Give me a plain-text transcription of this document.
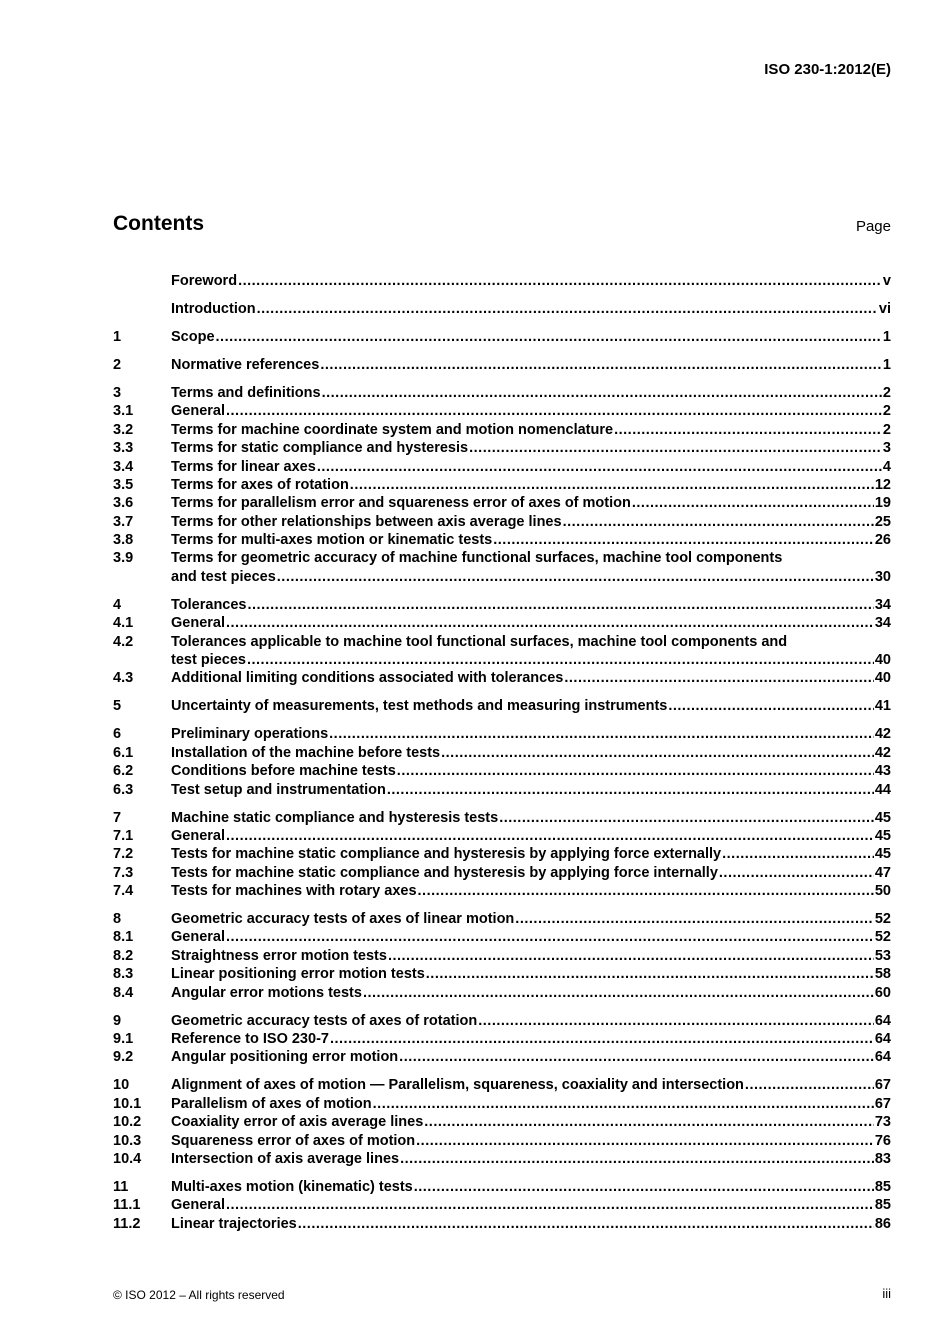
ISO 230-1:2012(E)
Contents	Page
Foreword .....	v
Introduction .....	vi
1	Scope .....	1
2	Normative references .....	1
3	Terms and definitions .....	2
3.1	General .....	2
3.2	Terms for machine coordinate system and motion nomenclature .....	2
3.3	Terms for static compliance and hysteresis .....	3
3.4	Terms for linear axes .....	4
3.5	Terms for axes of rotation .....	12
3.6	Terms for parallelism error and squareness error of axes of motion .....	19
3.7	Terms for other relationships between axis average lines .....	25
3.8	Terms for multi-axes motion or kinematic tests .....	26
3.9	Terms for geometric accuracy of machine functional surfaces, machine tool components
and test pieces .....	30
4	Tolerances .....	34
4.1	General .....	34
4.2	Tolerances applicable to machine tool functional surfaces, machine tool components and
test pieces .....	40
4.3	Additional limiting conditions associated with tolerances .....	40
5	Uncertainty of measurements, test methods and measuring instruments .....	41
6	Preliminary operations .....	42
6.1	Installation of the machine before tests .....	42
6.2	Conditions before machine tests .....	43
6.3	Test setup and instrumentation .....	44
7	Machine static compliance and hysteresis tests .....	45
7.1	General .....	45
7.2	Tests for machine static compliance and hysteresis by applying force externally .....	45
7.3	Tests for machine static compliance and hysteresis by applying force internally .....	47
7.4	Tests for machines with rotary axes .....	50
8	Geometric accuracy tests of axes of linear motion .....	52
8.1	General .....	52
8.2	Straightness error motion tests .....	53
8.3	Linear positioning error motion tests .....	58
8.4	Angular error motions tests .....	60
9	Geometric accuracy tests of axes of rotation .....	64
9.1	Reference to ISO 230-7 .....	64
9.2	Angular positioning error motion .....	64
10	Alignment of axes of motion — Parallelism, squareness, coaxiality and intersection .....	67
10.1	Parallelism of axes of motion .....	67
10.2	Coaxiality error of axis average lines .....	73
10.3	Squareness error of axes of motion .....	76
10.4	Intersection of axis average lines .....	83
11	Multi-axes motion (kinematic) tests .....	85
11.1	General .....	85
11.2	Linear trajectories .....	86
© ISO 2012 – All rights reserved	iii
